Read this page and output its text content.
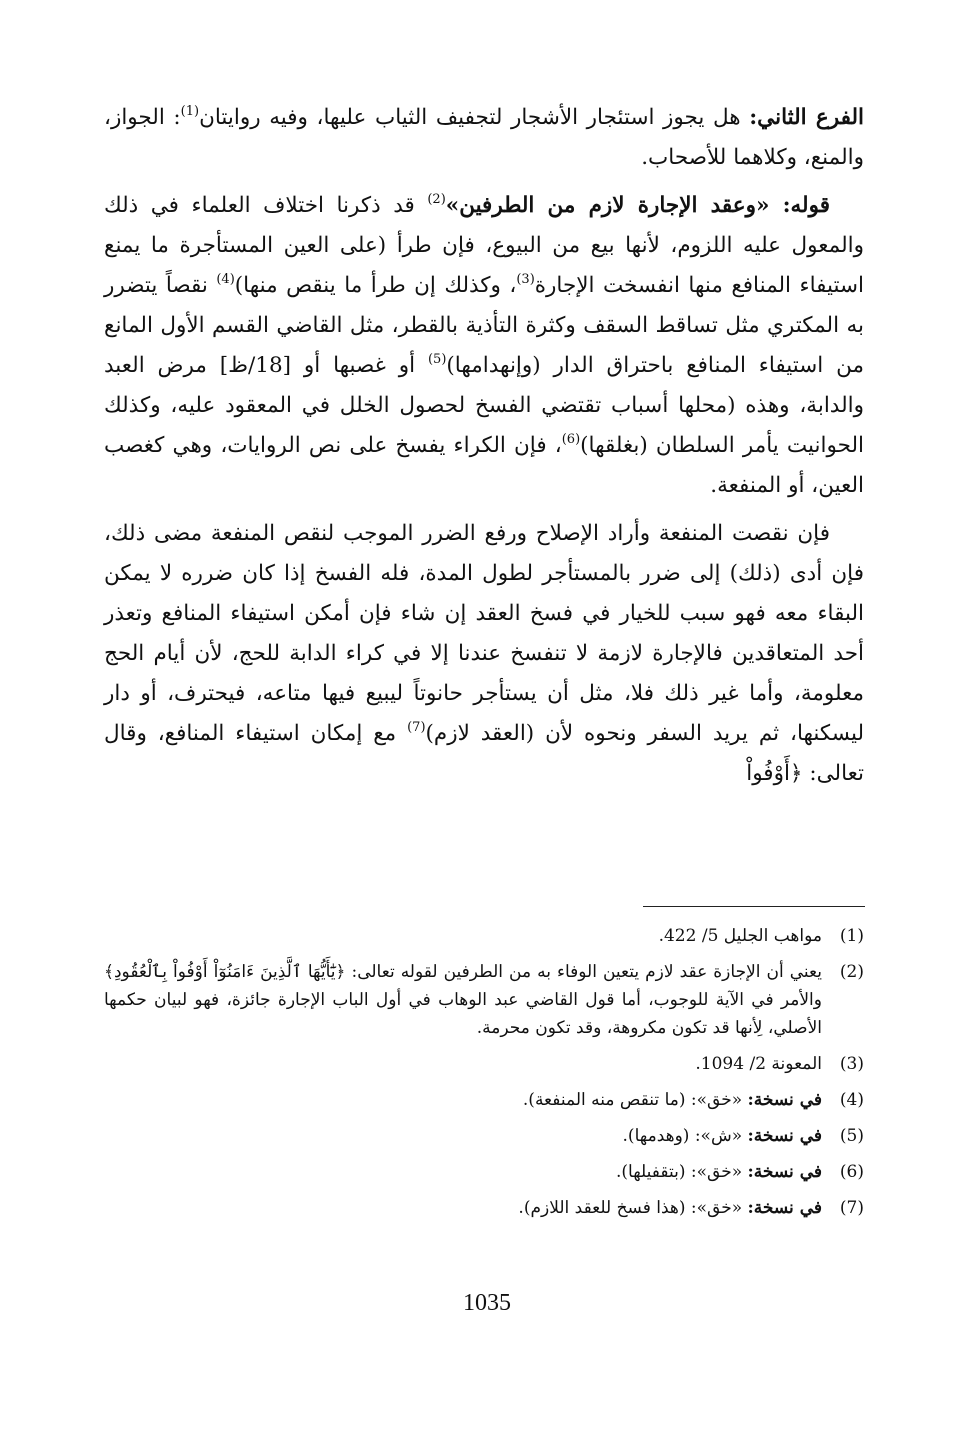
الفرع الثاني: هل يجوز استئجار الأشجار لتجفيف الثياب عليها، وفيه روايتان$^{(1)}$: الجواز، والمنع، وكلاهما للأصحاب.

قوله: «وعقد الإجارة لازم من الطرفين»$^{(2)}$ قد ذكرنا اختلاف العلماء في ذلك والمعول عليه اللزوم، لأنها بيع من البيوع، فإن طرأ (على العين المستأجرة ما يمنع استيفاء المنافع منها انفسخت الإجارة$^{(3)}$، وكذلك إن طرأ ما ينقص منها)$^{(4)}$ نقصاً يتضرر به المكتري مثل تساقط السقف وكثرة التأذية بالقطر، مثل القاضي القسم الأول المانع من استيفاء المنافع باحتراق الدار (وإنهدامها)$^{(5)}$ أو غصبها أو [18/ظ] مرض العبد والدابة، وهذه (محلها أسباب تقتضي الفسخ لحصول الخلل في المعقود عليه، وكذلك الحوانيت يأمر السلطان (بغلقها)$^{(6)}$، فإن الكراء يفسخ على نص الروايات، وهي كغصب العين، أو المنفعة.

فإن نقصت المنفعة وأراد الإصلاح ورفع الضرر الموجب لنقص المنفعة مضى ذلك، فإن أدى (ذلك) إلى ضرر بالمستأجر لطول المدة، فله الفسخ إذا كان ضرره لا يمكن البقاء معه فهو سبب للخيار في فسخ العقد إن شاء فإن أمكن استيفاء المنافع وتعذر أحد المتعاقدين فالإجارة لازمة لا تنفسخ عندنا إلا في كراء الدابة للحج، لأن أيام الحج معلومة، وأما غير ذلك فلا، مثل أن يستأجر حانوتاً ليبيع فيها متاعه، فيحترف، أو دار ليسكنها، ثم يريد السفر ونحوه لأن (العقد لازم)$^{(7)}$ مع إمكان استيفاء المنافع، وقال تعالى: ﴿أَوْفُواْ

(1)
مواهب الجليل 5/ 422.
(2)
يعني أن الإجازة عقد لازم يتعين الوفاء به من الطرفين لقوله تعالى: ﴿يَٰٓأَيُّهَا ٱلَّذِينَ ءَامَنُوٓاْ أَوْفُواْ بِٱلْعُقُودِ﴾ والأمر في الآية للوجوب، أما قول القاضي عبد الوهاب في أول الباب الإجارة جائزة، فهو لبيان حكمها الأصلي، لِأنها قد تكون مكروهة، وقد تكون محرمة.
(3)
المعونة 2/ 1094.
(4)
في نسخة: «خق»: (ما تنقص منه المنفعة).
(5)
في نسخة: «ش»: (وهدمها).
(6)
في نسخة: «خق»: (بتقفيلها).
(7)
في نسخة: «خق»: (هذا فسخ للعقد اللازم).
1035
